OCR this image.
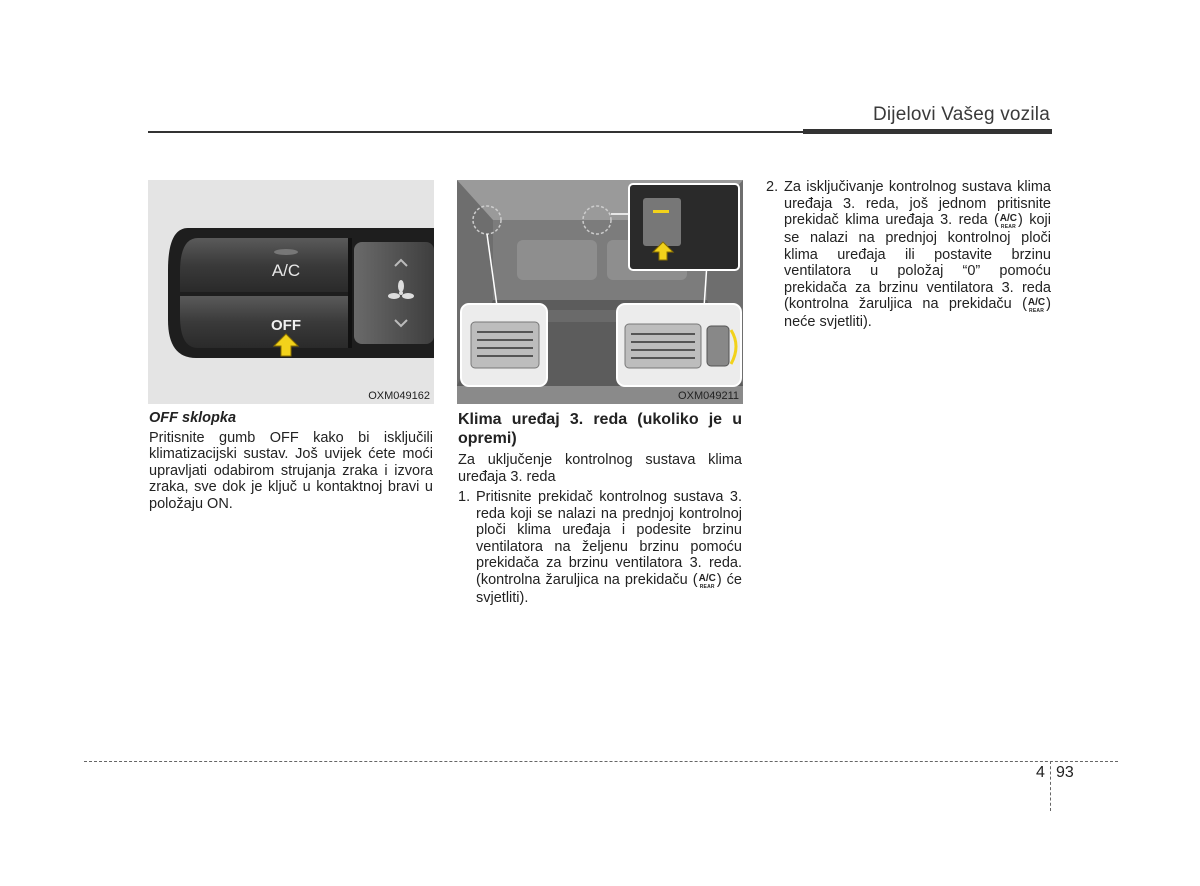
Dijelovi Vašeg vozila
A/C
OFF
OXM049162	OXM049211

OFF sklopka

Pritisnite gumb OFF kako bi isključili klimatizacijski sustav. Još uvijek ćete moći upravljati odabirom strujanja zraka i izvora zraka, sve dok je ključ u kontaktnoj bravi u položaju ON.

Klima uređaj 3. reda (ukoliko je u opremi)

Za uključenje kontrolnog sustava klima uređaja 3. reda

1. Pritisnite prekidač kontrolnog sustava 3. reda koji se nalazi na prednjoj kontrolnoj ploči klima uređaja i podesite brzinu ventilatora na željenu brzinu pomoću prekidača za brzinu ventilatora 3. reda. (kontrolna žaruljica na prekidaču ( A/C
REAR ) će svjetliti).

2. Za isključivanje kontrolnog sustava klima uređaja 3. reda, još jednom pritisnite prekidač klima uređaja 3. reda ( A/C
REAR ) koji se nalazi na prednjoj kontrolnoj ploči klima uređaja ili postavite brzinu ventilatora u položaj “0” pomoću prekidača za brzinu ventilatora 3. reda (kontrolna žaruljica na prekidaču ( A/C
REAR ) neće svjetliti).

4 93
